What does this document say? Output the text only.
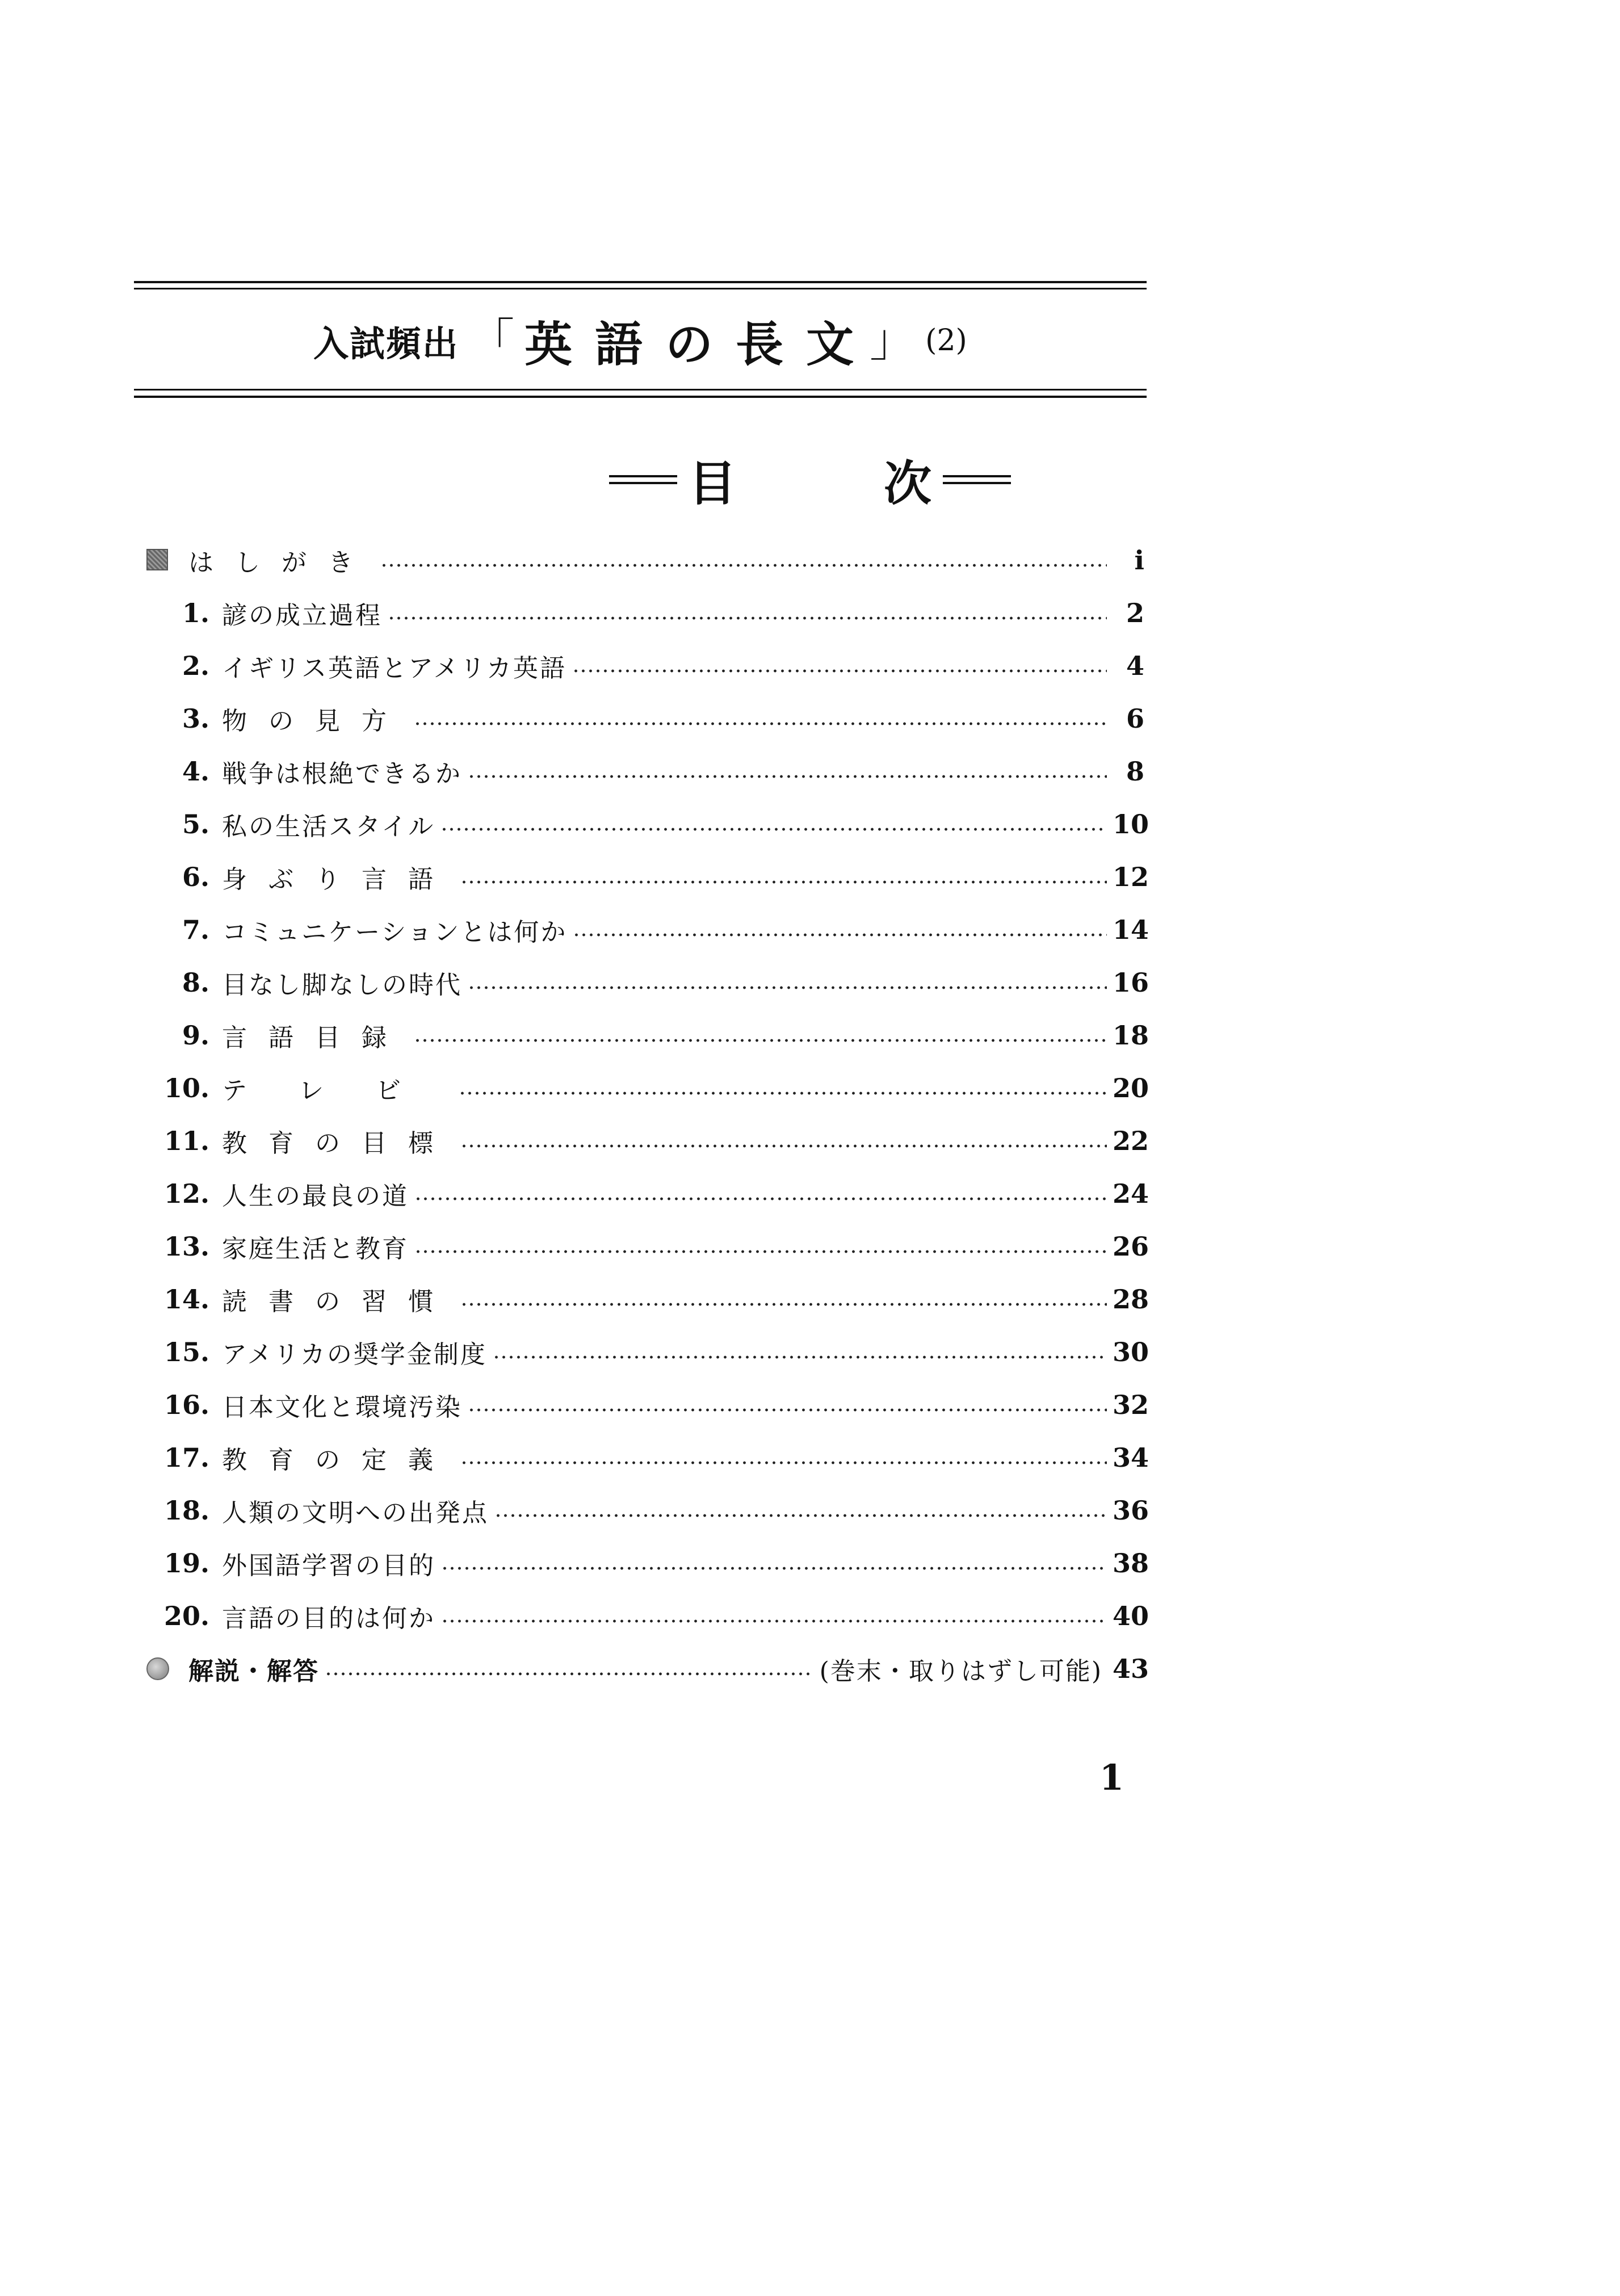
入試頻出 「 英語の長文
」 (2)
目次
はしがき	i
1. 諺の成立過程	2
2. イギリス英語とアメリカ英語	4
3. 物の見方	6
4. 戦争は根絶できるか	8
5. 私の生活スタイル	10
6. 身ぶり言語	12
7. コミュニケーションとは何か	14
8. 目なし脚なしの時代	16
9. 言語目録	18
10. テレビ	20
11. 教育の目標	22
12. 人生の最良の道	24
13. 家庭生活と教育	26
14. 読書の習慣	28
15. アメリカの奨学金制度	30
16. 日本文化と環境汚染	32
17. 教育の定義	34
18. 人類の文明への出発点	36
19. 外国語学習の目的	38
20. 言語の目的は何か	40
解説・解答	(巻末・取りはずし可能) 43
1
